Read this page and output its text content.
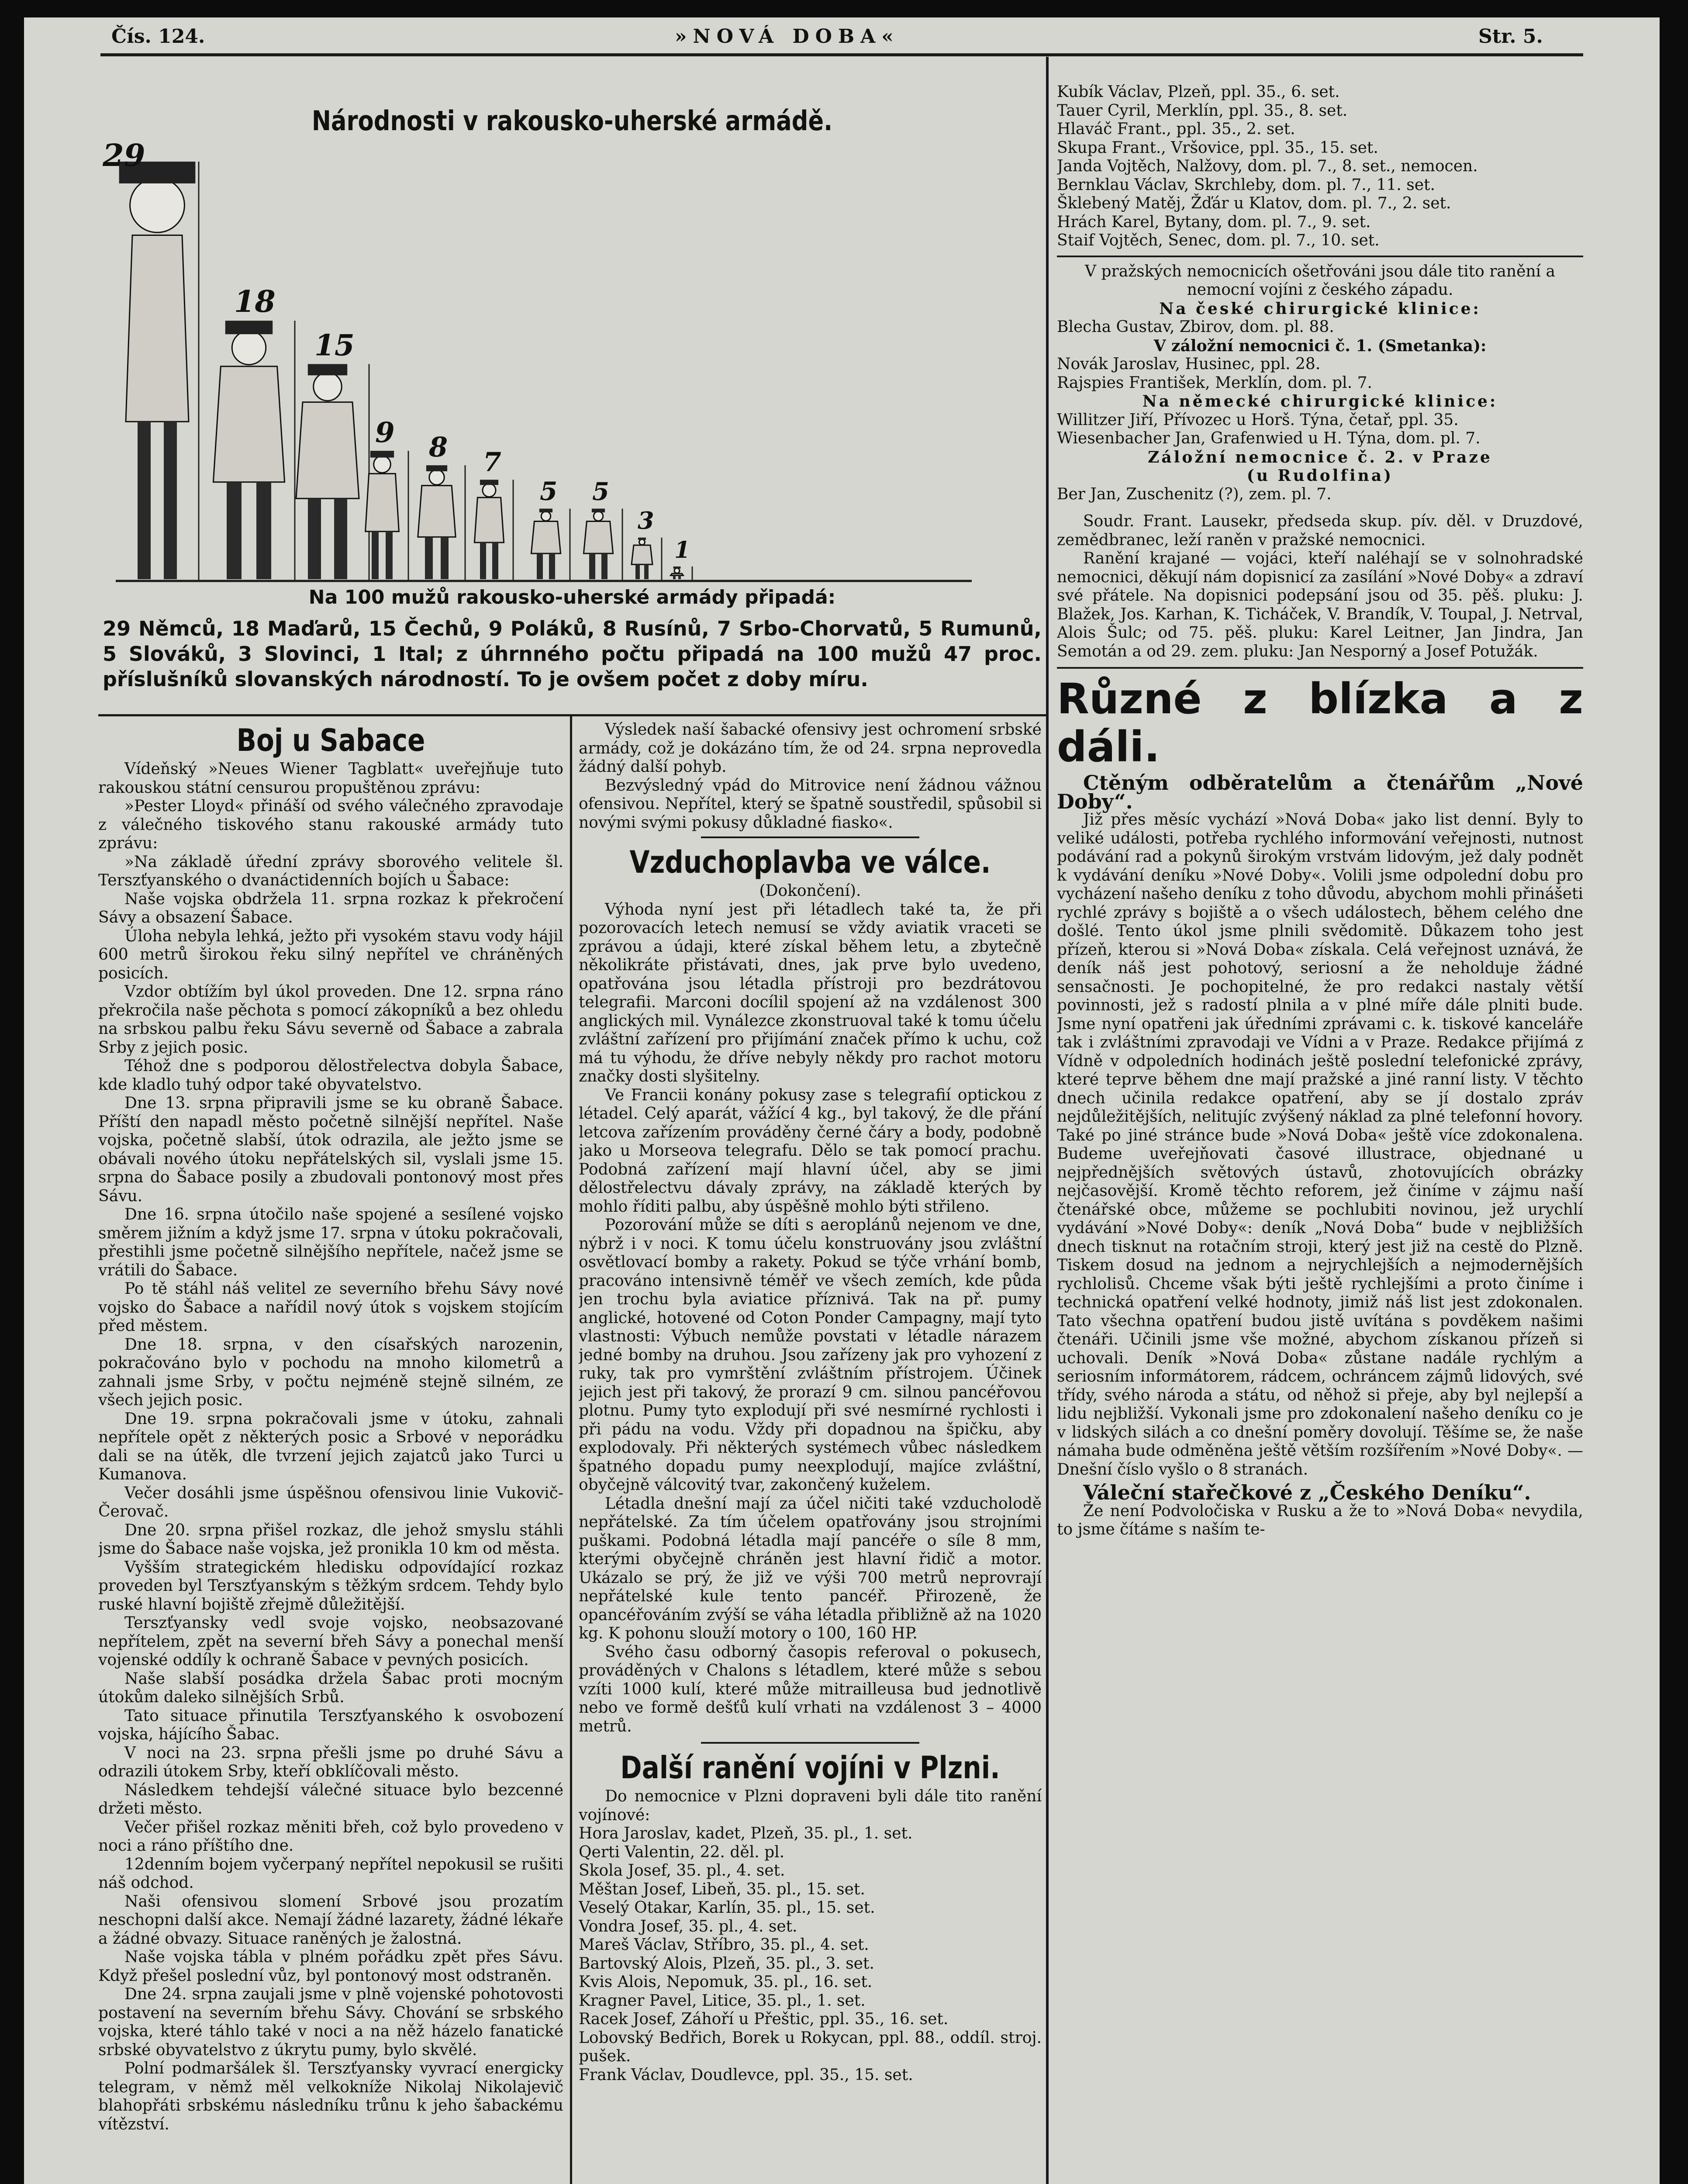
Čís. 124.	»NOVÁ DOBA«	Str. 5.
Národnosti v rakousko-uherské armádě.
29
18
15
9 8 7
5 5
3
1
Na 100 mužů rakousko-uherské armády připadá:
29 Němců, 18 Maďarů, 15 Čechů, 9 Poláků, 8 Rusínů, 7 Srbo-Chorvatů, 5 Rumunů, 5 Slováků, 3 Slovinci, 1 Ital; z úhrnného počtu připadá na 100 mužů 47 proc. příslušníků slovanských národností. To je ovšem počet z doby míru.
Boj u Sabace

Vídeňský »Neues Wiener Tagblatt« uveřejňuje tuto rakouskou státní censurou propuštěnou zprávu:

»Pester Lloyd« přináší od svého válečného zpravodaje z válečného tiskového stanu rakouské armády tuto zprávu:

»Na základě úřední zprávy sborového velitele šl. Terszťyanského o dvanáctidenních bojích u Šabace:

Naše vojska obdržela 11. srpna rozkaz k překročení Sávy a obsazení Šabace.

Úloha nebyla lehká, ježto při vysokém stavu vody hájil 600 metrů širokou řeku silný nepřítel ve chráněných posicích.

Vzdor obtížím byl úkol proveden. Dne 12. srpna ráno překročila naše pěchota s pomocí zákopníků a bez ohledu na srbskou palbu řeku Sávu severně od Šabace a zabrala Srby z jejich posic.

Téhož dne s podporou dělostřelectva dobyla Šabace, kde kladlo tuhý odpor také obyvatelstvo.

Dne 13. srpna připravili jsme se ku obraně Šabace. Příští den napadl město početně silnější nepřítel. Naše vojska, početně slabší, útok odrazila, ale ježto jsme se obávali nového útoku nepřátelských sil, vyslali jsme 15. srpna do Šabace posily a zbudovali pontonový most přes Sávu.

Dne 16. srpna útočilo naše spojené a sesílené vojsko směrem jižním a když jsme 17. srpna v útoku pokračovali, přestihli jsme početně silnějšího nepřítele, načež jsme se vrátili do Šabace.

Po tě stáhl náš velitel ze severního břehu Sávy nové vojsko do Šabace a nařídil nový útok s vojskem stojícím před městem.

Dne 18. srpna, v den císařských narozenin, pokračováno bylo v pochodu na mnoho kilometrů a zahnali jsme Srby, v počtu nejméně stejně silném, ze všech jejich posic.

Dne 19. srpna pokračovali jsme v útoku, zahnali nepřítele opět z některých posic a Srbové v neporádku dali se na útěk, dle tvrzení jejich zajatců jako Turci u Kumanova.

Večer dosáhli jsme úspěšnou ofensivou linie Vukovič-Čerovač.

Dne 20. srpna přišel rozkaz, dle jehož smyslu stáhli jsme do Šabace naše vojska, jež pronikla 10 km od města.

Vyšším strategickém hledisku odpovídající rozkaz proveden byl Terszťyanským s těžkým srdcem. Tehdy bylo ruské hlavní bojiště zřejmě důležitější.

Terszťyansky vedl svoje vojsko, neobsazované nepřítelem, zpět na severní břeh Sávy a ponechal menší vojenské oddíly k ochraně Šabace v pevných posicích.

Naše slabší posádka držela Šabac proti mocným útokům daleko silnějších Srbů.

Tato situace přinutila Terszťyanského k osvobození vojska, hájícího Šabac.

V noci na 23. srpna přešli jsme po druhé Sávu a odrazili útokem Srby, kteří obklíčovali město.

Následkem tehdejší válečné situace bylo bezcenné držeti město.

Večer přišel rozkaz měniti břeh, což bylo provedeno v noci a ráno příštího dne.

12denním bojem vyčerpaný nepřítel nepokusil se rušiti náš odchod.

Naši ofensivou slomení Srbové jsou prozatím neschopni další akce. Nemají žádné lazarety, žádné lékaře a žádné obvazy. Situace raněných je žalostná.

Naše vojska tábla v plném pořádku zpět přes Sávu. Když přešel poslední vůz, byl pontonový most odstraněn.

Dne 24. srpna zaujali jsme v plně vojenské pohotovosti postavení na severním břehu Sávy. Chování se srbského vojska, které táhlo také v noci a na něž házelo fanatické srbské obyvatelstvo z úkrytu pumy, bylo skvělé.

Polní podmaršálek šl. Terszťyansky vyvrací energicky telegram, v němž měl velkokníže Nikolaj Nikolajevič blahopřáti srbskému následníku trůnu k jeho šabackému vítězství.

Výsledek naší šabacké ofensivy jest ochromení srbské armády, což je dokázáno tím, že od 24. srpna neprovedla žádný další pohyb.

Bezvýsledný vpád do Mitrovice není žádnou vážnou ofensivou. Nepřítel, který se špatně soustředil, spůsobil si novými svými pokusy důkladné fiasko«.

Vzduchoplavba ve válce.

(Dokončení).

Výhoda nyní jest při létadlech také ta, že při pozorovacích letech nemusí se vždy aviatik vraceti se zprávou a údaji, které získal během letu, a zbytečně několikráte přistávati, dnes, jak prve bylo uvedeno, opatřována jsou létadla přístroji pro bezdrátovou telegrafii. Marconi docílil spojení až na vzdálenost 300 anglických mil. Vynálezce zkonstruoval také k tomu účelu zvláštní zařízení pro přijímání značek přímo k uchu, což má tu výhodu, že dříve nebyly někdy pro rachot motoru značky dosti slyšitelny.

Ve Francii konány pokusy zase s telegrafií optickou z létadel. Celý aparát, vážící 4 kg., byl takový, že dle přání letcova zařízením prováděny černé čáry a body, podobně jako u Morseova telegrafu. Dělo se tak pomocí prachu. Podobná zařízení mají hlavní účel, aby se jimi dělostřelectvu dávaly zprávy, na základě kterých by mohlo říditi palbu, aby úspěšně mohlo býti střileno.

Pozorování může se díti s aeroplánů nejenom ve dne, nýbrž i v noci. K tomu účelu konstruovány jsou zvláštní osvětlovací bomby a rakety. Pokud se týče vrhání bomb, pracováno intensivně téměř ve všech zemích, kde půda jen trochu byla aviatice příznivá. Tak na př. pumy anglické, hotovené od Coton Ponder Campagny, mají tyto vlastnosti: Výbuch nemůže povstati v létadle nárazem jedné bomby na druhou. Jsou zařízeny jak pro vyhození z ruky, tak pro vymrštění zvláštním přístrojem. Účinek jejich jest při takový, že prorazí 9 cm. silnou pancéřovou plotnu. Pumy tyto explodují při své nesmírné rychlosti i při pádu na vodu. Vždy při dopadnou na špičku, aby explodovaly. Při některých systémech vůbec následkem špatného dopadu pumy neexplodují, majíce zvláštní, obyčejně válcovitý tvar, zakončený kuželem.

Létadla dnešní mají za účel ničiti také vzducholodě nepřátelské. Za tím účelem opatřovány jsou strojními puškami. Podobná létadla mají pancéře o síle 8 mm, kterými obyčejně chráněn jest hlavní řidič a motor. Ukázalo se prý, že již ve výši 700 metrů neprovrají nepřátelské kule tento pancéř. Přirozeně, že opancéřováním zvýší se váha létadla přibližně až na 1020 kg. K pohonu slouží motory o 100, 160 HP.

Svého času odborný časopis referoval o pokusech, prováděných v Chalons s létadlem, které může s sebou vzíti 1000 kulí, které může mitrailleusa bud jednotlivě nebo ve formě dešťů kulí vrhati na vzdálenost 3 – 4000 metrů.

Další ranění vojíni v Plzni.

Do nemocnice v Plzni dopraveni byli dále tito ranění vojínové:

Hora Jaroslav, kadet, Plzeň, 35. pl., 1. set.

Qerti Valentin, 22. děl. pl.

Skola Josef, 35. pl., 4. set.

Měštan Josef, Libeň, 35. pl., 15. set.

Veselý Otakar, Karlín, 35. pl., 15. set.

Vondra Josef, 35. pl., 4. set.

Mareš Václav, Stříbro, 35. pl., 4. set.

Bartovský Alois, Plzeň, 35. pl., 3. set.

Kvis Alois, Nepomuk, 35. pl., 16. set.

Kragner Pavel, Litice, 35. pl., 1. set.

Racek Josef, Záhoří u Přeštic, ppl. 35., 16. set.

Lobovský Bedřich, Borek u Rokycan, ppl. 88., oddíl. stroj. pušek.

Frank Václav, Doudlevce, ppl. 35., 15. set.

Kubík Václav, Plzeň, ppl. 35., 6. set.

Tauer Cyril, Merklín, ppl. 35., 8. set.

Hlaváč Frant., ppl. 35., 2. set.

Skupa Frant., Vršovice, ppl. 35., 15. set.

Janda Vojtěch, Nalžovy, dom. pl. 7., 8. set., nemocen.

Bernklau Václav, Skrchleby, dom. pl. 7., 11. set.

Šklebený Matěj, Žďár u Klatov, dom. pl. 7., 2. set.

Hrách Karel, Bytany, dom. pl. 7., 9. set.

Staif Vojtěch, Senec, dom. pl. 7., 10. set.

V pražských nemocnicích ošetřováni jsou dále tito ranění a nemocní vojíni z českého západu.

Na české chirurgické klinice:

Blecha Gustav, Zbirov, dom. pl. 88.

V záložní nemocnici č. 1. (Smetanka):

Novák Jaroslav, Husinec, ppl. 28.

Rajspies František, Merklín, dom. pl. 7.

Na německé chirurgické klinice:

Willitzer Jiří, Přívozec u Horš. Týna, četař, ppl. 35.

Wiesenbacher Jan, Grafenwied u H. Týna, dom. pl. 7.

Záložní nemocnice č. 2. v Praze

(u Rudolfina)

Ber Jan, Zuschenitz (?), zem. pl. 7.

Soudr. Frant. Lausekr, předseda skup. pív. děl. v Druzdové, zemědbranec, leží raněn v pražské nemocnici.

Ranění krajané — vojáci, kteří naléhají se v solnohradské nemocnici, děkují nám dopisnicí za zasílání »Nové Doby« a zdraví své přátele. Na dopisnici podepsání jsou od 35. pěš. pluku: J. Blažek, Jos. Karhan, K. Ticháček, V. Brandík, V. Toupal, J. Netrval, Alois Šulc; od 75. pěš. pluku: Karel Leitner, Jan Jindra, Jan Semotán a od 29. zem. pluku: Jan Nesporný a Josef Potužák.

Různé z blízka a z dáli.

Ctěným odběratelům a čtenářům „Nové Doby“.

Již přes měsíc vychází »Nová Doba« jako list denní. Byly to veliké události, potřeba rychlého informování veřejnosti, nutnost podávání rad a pokynů širokým vrstvám lidovým, jež daly podnět k vydávání deníku »Nové Doby«. Volili jsme odpolední dobu pro vycházení našeho deníku z toho důvodu, abychom mohli přinášeti rychlé zprávy s bojiště a o všech událostech, během celého dne došlé. Tento úkol jsme plnili svědomitě. Důkazem toho jest přízeň, kterou si »Nová Doba« získala. Celá veřejnost uznává, že deník náš jest pohotový, seriosní a že neholduje žádné sensačnosti. Je pochopitelné, že pro redakci nastaly větší povinnosti, jež s radostí plnila a v plné míře dále plniti bude. Jsme nyní opatřeni jak úředními zprávami c. k. tiskové kanceláře tak i zvláštními zpravodaji ve Vídni a v Praze. Redakce přijímá z Vídně v odpoledních hodinách ještě poslední telefonické zprávy, které teprve během dne mají pražské a jiné ranní listy. V těchto dnech učinila redakce opatření, aby se jí dostalo zpráv nejdůležitějších, nelitujíc zvýšený náklad za plné telefonní hovory. Také po jiné stránce bude »Nová Doba« ještě více zdokonalena. Budeme uveřejňovati časové illustrace, objednané u nejpřednějších světových ústavů, zhotovujících obrázky nejčasovější. Kromě těchto reforem, jež činíme v zájmu naší čtenářské obce, můžeme se pochlubiti novinou, jež urychlí vydávání »Nové Doby«: deník „Nová Doba“ bude v nejbližších dnech tisknut na rotačním stroji, který jest již na cestě do Plzně. Tiskem dosud na jednom a nejrychlejších a nejmodernějších rychlolisů. Chceme však býti ještě rychlejšími a proto činíme i technická opatření velké hodnoty, jimiž náš list jest zdokonalen. Tato všechna opatření budou jistě uvítána s povděkem našimi čtenáři. Učinili jsme vše možné, abychom získanou přízeň si uchovali. Deník »Nová Doba« zůstane nadále rychlým a seriosním informátorem, rádcem, ochráncem zájmů lidových, své třídy, svého národa a státu, od něhož si přeje, aby byl nejlepší a lidu nejbližší. Vykonali jsme pro zdokonalení našeho deníku co je v lidských silách a co dnešní poměry dovolují. Těšíme se, že naše námaha bude odměněna ještě větším rozšířením »Nové Doby«. — Dnešní číslo vyšlo o 8 stranách.

Váleční stařečkové z „Českého Deníku“.

Že není Podvoločiska v Rusku a že to »Nová Doba« nevydila, to jsme čítáme s naším te-
